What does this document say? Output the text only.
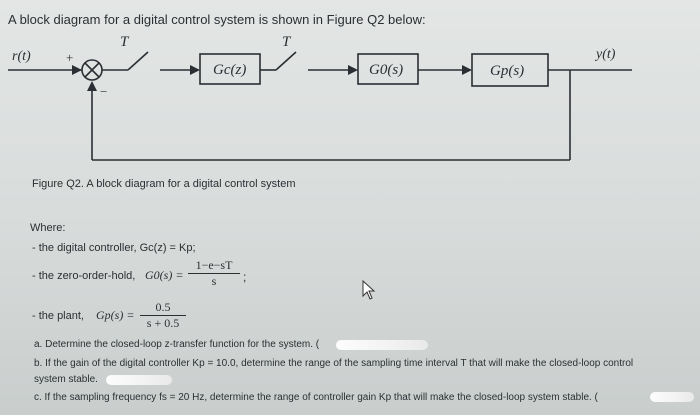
A block diagram for a digital control system is shown in Figure Q2 below:
r(t)	+
−
T	T
Gc(z)	G0(s)	Gp(s)
y(t)
Figure Q2. A block diagram for a digital control system
Where:
- the digital controller, Gc(z) = Kp;
- the zero-order-hold, $G0(s) = \frac{1-e-sT}{s}$ ;
- the plant, $Gp(s) = \frac{0.5}{s + 0.5}$
a. Determine the closed-loop z-transfer function for the system. (
b. If the gain of the digital controller Kp = 10.0, determine the range of the sampling time interval T that will make the closed-loop control
system stable.
c. If the sampling frequency fs = 20 Hz, determine the range of controller gain Kp that will make the closed-loop system stable. (
